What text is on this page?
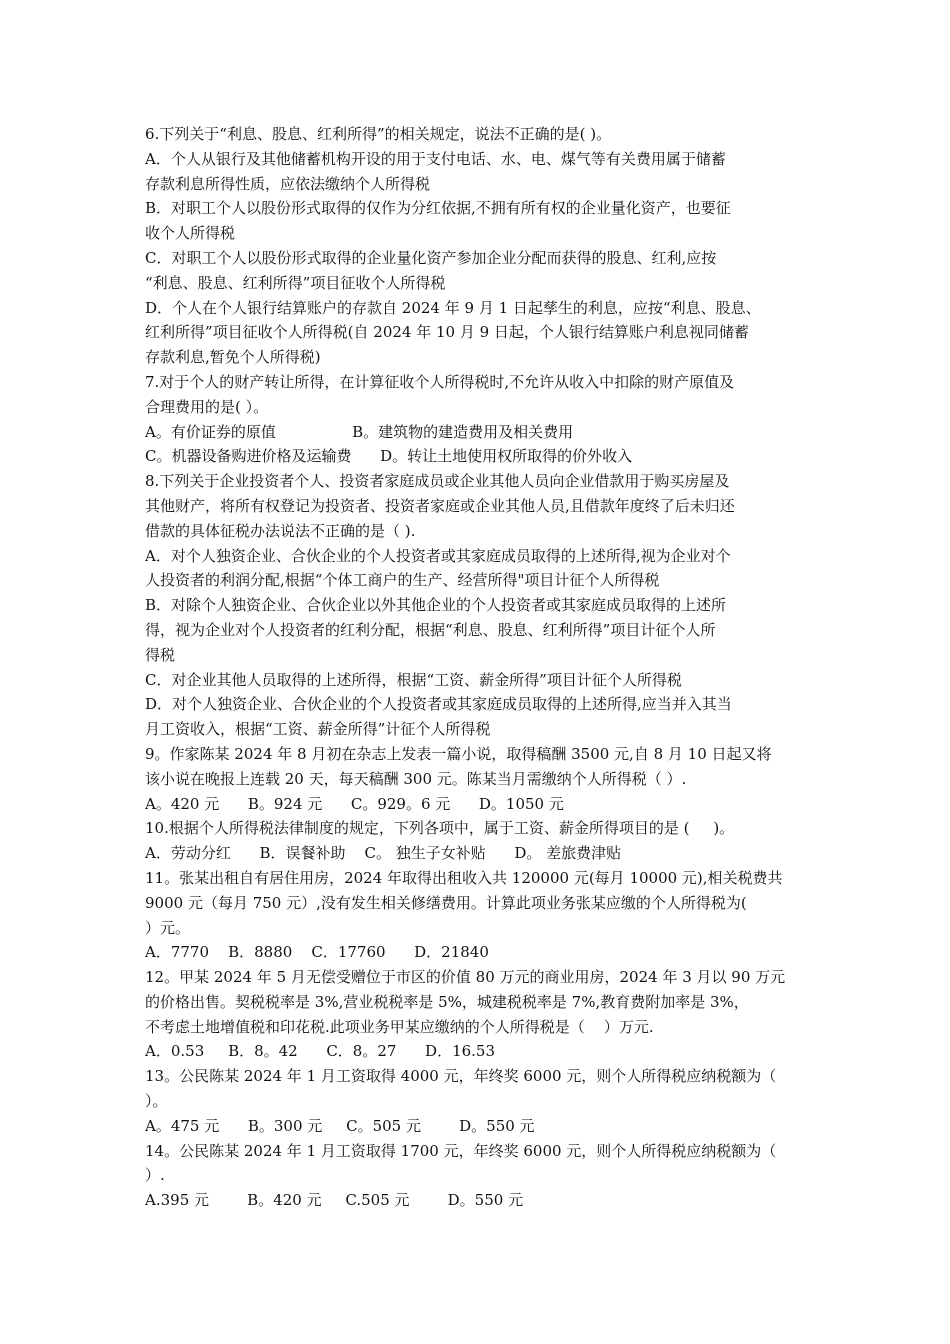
6.下列关于“利息、股息、红利所得”的相关规定，说法不正确的是( )。
A．个人从银行及其他储蓄机构开设的用于支付电话、水、电、煤气等有关费用属于储蓄
存款利息所得性质，应依法缴纳个人所得税
B．对职工个人以股份形式取得的仅作为分红依据,不拥有所有权的企业量化资产，也要征
收个人所得税
C．对职工个人以股份形式取得的企业量化资产参加企业分配而获得的股息、红利,应按
“利息、股息、红利所得”项目征收个人所得税
D．个人在个人银行结算账户的存款自 2024 年 9 月 1 日起孳生的利息，应按“利息、股息、
红利所得”项目征收个人所得税(自 2024 年 10 月 9 日起，个人银行结算账户利息视同储蓄
存款利息,暂免个人所得税)
7.对于个人的财产转让所得，在计算征收个人所得税时,不允许从收入中扣除的财产原值及
合理费用的是( ）。
A。有价证券的原值                B。建筑物的建造费用及相关费用
C。机器设备购进价格及运输费      D。转让土地使用权所取得的价外收入
8.下列关于企业投资者个人、投资者家庭成员或企业其他人员向企业借款用于购买房屋及
其他财产，将所有权登记为投资者、投资者家庭或企业其他人员,且借款年度终了后未归还
借款的具体征税办法说法不正确的是（ ).
A．对个人独资企业、合伙企业的个人投资者或其家庭成员取得的上述所得,视为企业对个
人投资者的利润分配,根据“个体工商户的生产、经营所得"项目计征个人所得税
B．对除个人独资企业、合伙企业以外其他企业的个人投资者或其家庭成员取得的上述所
得，视为企业对个人投资者的红利分配，根据“利息、股息、红利所得”项目计征个人所
得税
C．对企业其他人员取得的上述所得，根据“工资、薪金所得”项目计征个人所得税
D．对个人独资企业、合伙企业的个人投资者或其家庭成员取得的上述所得,应当并入其当
月工资收入，根据“工资、薪金所得”计征个人所得税
9。作家陈某 2024 年 8 月初在杂志上发表一篇小说，取得稿酬 3500 元,自 8 月 10 日起又将
该小说在晚报上连载 20 天，每天稿酬 300 元。陈某当月需缴纳个人所得税（ ）.
A。420 元      B。924 元      C。929。6 元      D。1050 元
10.根据个人所得税法律制度的规定，下列各项中，属于工资、薪金所得项目的是 (     )。
A．劳动分红      B．误餐补助    C。 独生子女补贴      D。 差旅费津贴
11。张某出租自有居住用房，2024 年取得出租收入共 120000 元(每月 10000 元),相关税费共
9000 元（每月 750 元）,没有发生相关修缮费用。计算此项业务张某应缴的个人所得税为(
）元。
A．7770    B．8880    C．17760      D．21840
12。甲某 2024 年 5 月无偿受赠位于市区的价值 80 万元的商业用房，2024 年 3 月以 90 万元
的价格出售。契税税率是 3%,营业税税率是 5%，城建税税率是 7%,教育费附加率是 3%，
不考虑土地增值税和印花税.此项业务甲某应缴纳的个人所得税是（    ）万元.
A．0.53     B．8。42      C．8。27      D．16.53
13。公民陈某 2024 年 1 月工资取得 4000 元，年终奖 6000 元，则个人所得税应纳税额为（
）。
A。475 元      B。300 元     C。505 元        D。550 元
14。公民陈某 2024 年 1 月工资取得 1700 元，年终奖 6000 元，则个人所得税应纳税额为（
）.
A.395 元        B。420 元     C.505 元        D。550 元
